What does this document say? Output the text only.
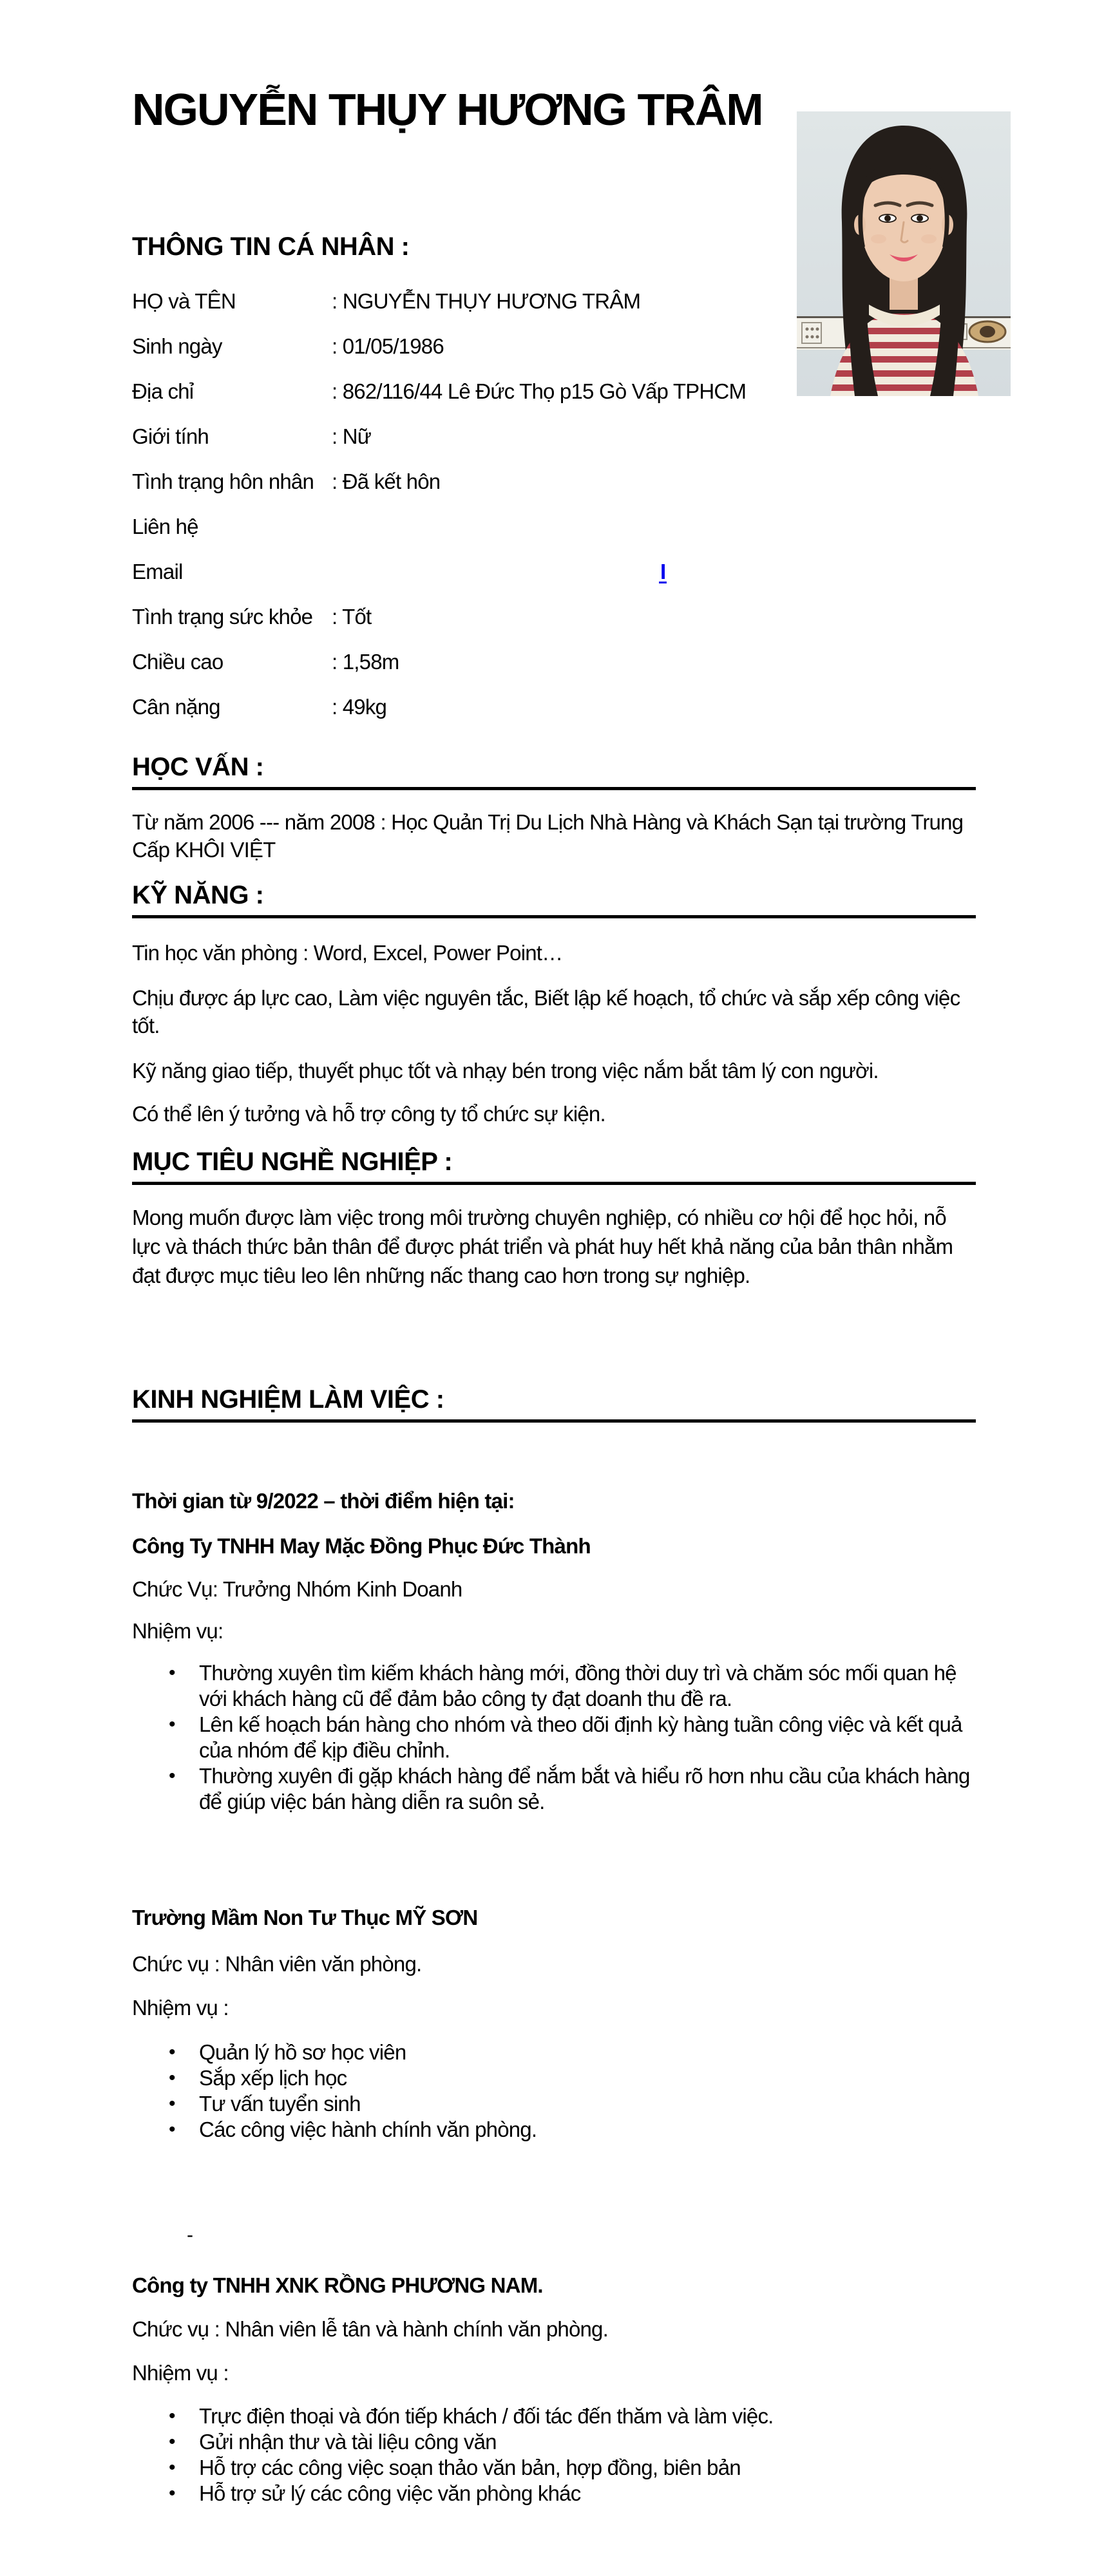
NGUYỄN THỤY HƯƠNG TRÂM
THÔNG TIN CÁ NHÂN :
HỌ và TÊN	: NGUYỄN THỤY HƯƠNG TRÂM
Sinh ngày	: 01/05/1986
Địa chỉ	: 862/116/44 Lê Đức Thọ p15 Gò Vấp TPHCM
Giới tính	: Nữ
Tình trạng hôn nhân : Đã kết hôn
Liên hệ
Email	I
Tình trạng sức khỏe : Tốt
Chiều cao	: 1,58m
Cân nặng	: 49kg
HỌC VẤN :

Từ năm 2006 --- năm 2008 : Học Quản Trị Du Lịch Nhà Hàng và Khách Sạn tại trường Trung Cấp KHÔI VIỆT

KỸ NĂNG :

Tin học văn phòng : Word, Excel, Power Point…

Chịu được áp lực cao, Làm việc nguyên tắc, Biết lập kế hoạch, tổ chức và sắp xếp công việc tốt.

Kỹ năng giao tiếp, thuyết phục tốt và nhạy bén trong việc nắm bắt tâm lý con người.

Có thể lên ý tưởng và hỗ trợ công ty tổ chức sự kiện.

MỤC TIÊU NGHỀ NGHIỆP :

Mong muốn được làm việc trong môi trường chuyên nghiệp, có nhiều cơ hội để học hỏi, nỗ lực và thách thức bản thân để được phát triển và phát huy hết khả năng của bản thân nhằm đạt được mục tiêu leo lên những nấc thang cao hơn trong sự nghiệp.

KINH NGHIỆM LÀM VIỆC :

Thời gian từ 9/2022 – thời điểm hiện tại:

Công Ty TNHH May Mặc Đồng Phục Đức Thành

Chức Vụ: Trưởng Nhóm Kinh Doanh

Nhiệm vụ:

•	Thường xuyên tìm kiếm khách hàng mới, đồng thời duy trì và chăm sóc mối quan hệ với khách hàng cũ để đảm bảo công ty đạt doanh thu đề ra.
•	Lên kế hoạch bán hàng cho nhóm và theo dõi định kỳ hàng tuần công việc và kết quả của nhóm để kịp điều chỉnh.
•	Thường xuyên đi gặp khách hàng để nắm bắt và hiểu rõ hơn nhu cầu của khách hàng để giúp việc bán hàng diễn ra suôn sẻ.

Trường Mầm Non Tư Thục MỸ SƠN

Chức vụ : Nhân viên văn phòng.

Nhiệm vụ :

•	Quản lý hồ sơ học viên
•	Sắp xếp lịch học
•	Tư vấn tuyển sinh
•	Các công việc hành chính văn phòng.

-

Công ty TNHH XNK RỒNG PHƯƠNG NAM.

Chức vụ : Nhân viên lễ tân và hành chính văn phòng.

Nhiệm vụ :

•	Trực điện thoại và đón tiếp khách / đối tác đến thăm và làm việc.
•	Gửi nhận thư và tài liệu công văn
•	Hỗ trợ các công việc soạn thảo văn bản, hợp đồng, biên bản
•	Hỗ trợ sử lý các công việc văn phòng khác
